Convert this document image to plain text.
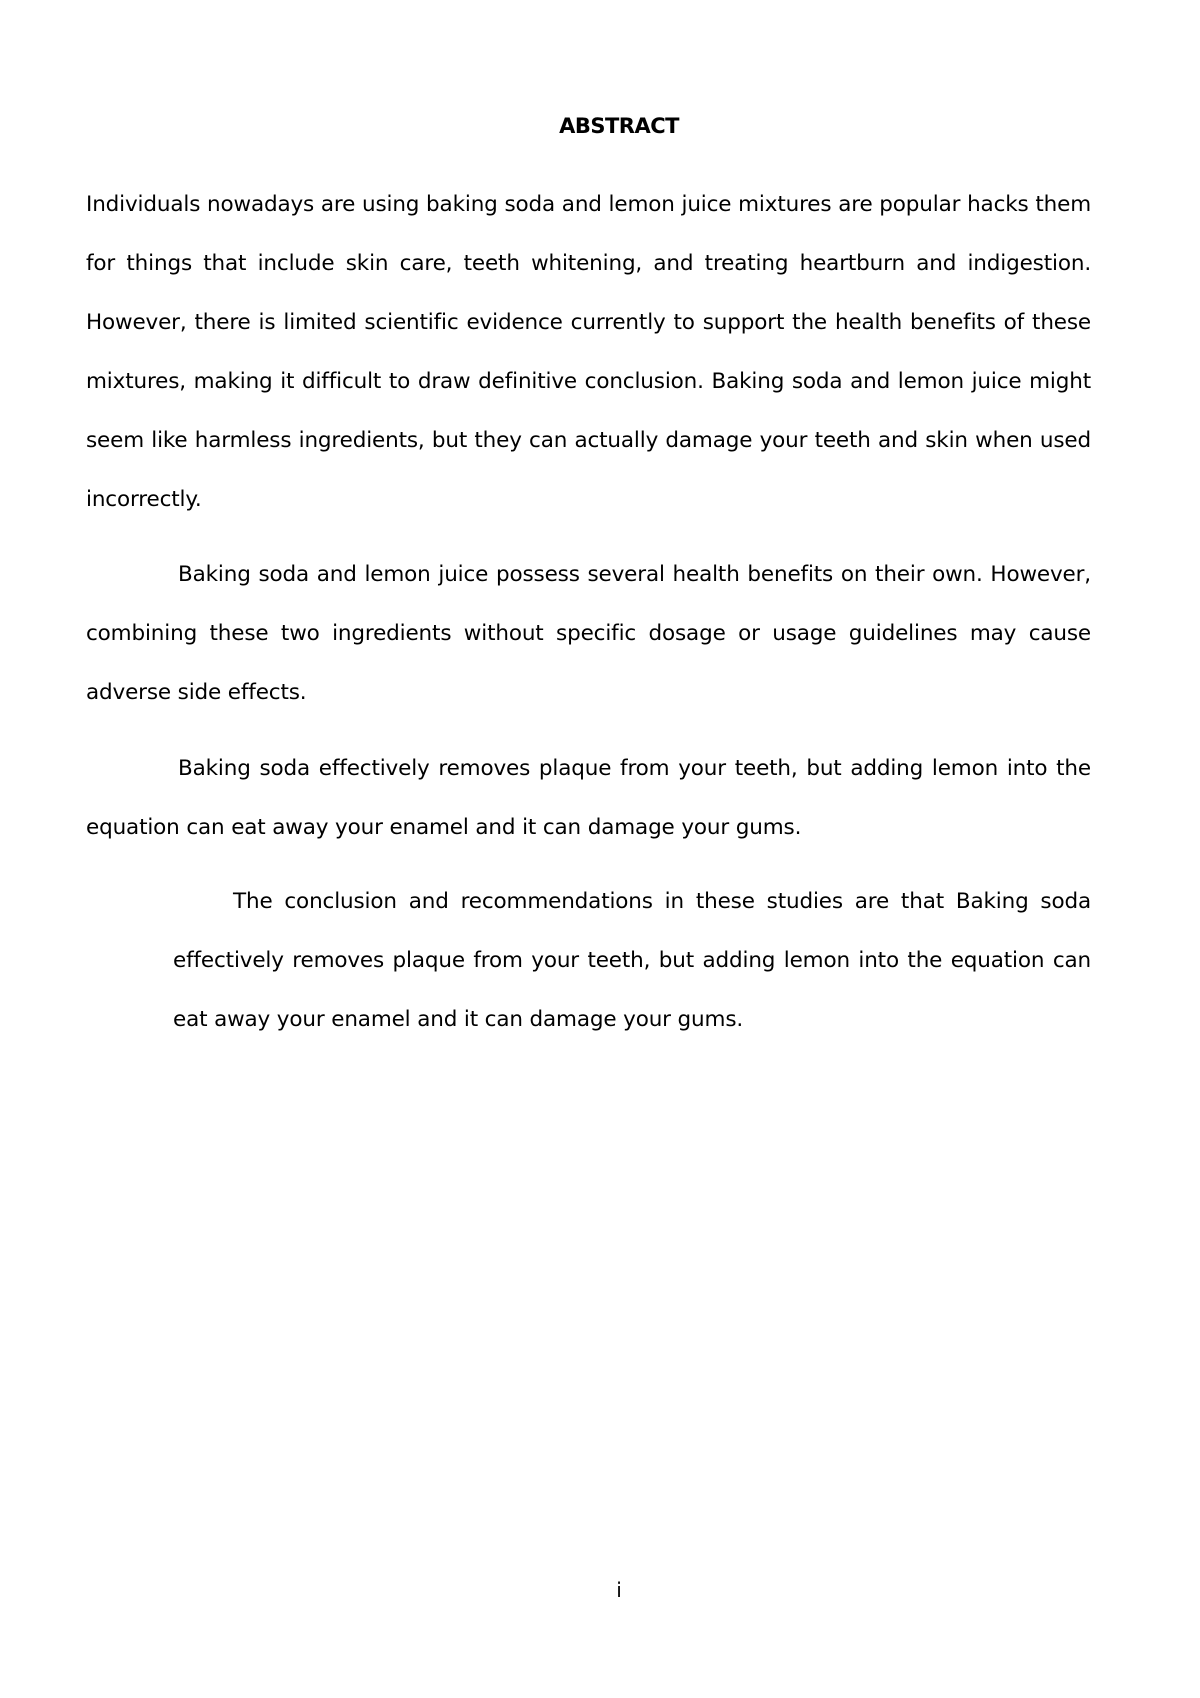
ABSTRACT

Individuals nowadays are using baking soda and lemon juice mixtures are popular hacks them for things that include skin care, teeth whitening, and treating heartburn and indigestion. However, there is limited scientific evidence currently to support the health benefits of these mixtures, making it difficult to draw definitive conclusion. Baking soda and lemon juice might seem like harmless ingredients, but they can actually damage your teeth and skin when used incorrectly.

Baking soda and lemon juice possess several health benefits on their own. However, combining these two ingredients without specific dosage or usage guidelines may cause adverse side effects.

Baking soda effectively removes plaque from your teeth, but adding lemon into the equation can eat away your enamel and it can damage your gums.

The conclusion and recommendations in these studies are that Baking soda effectively removes plaque from your teeth, but adding lemon into the equation can eat away your enamel and it can damage your gums.

i
